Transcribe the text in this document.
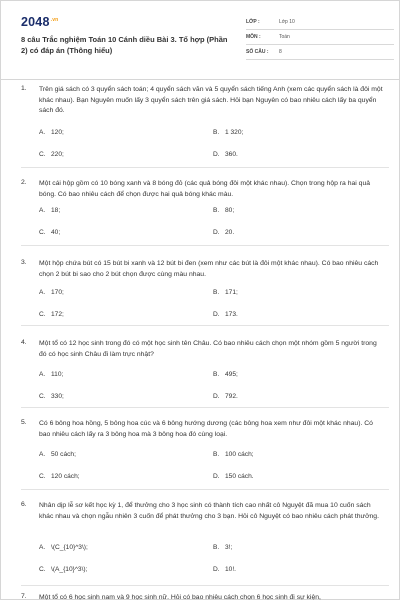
$2048^{.vn}$
8 câu Trắc nghiệm Toán 10 Cánh diều Bài 3. Tổ hợp (Phần 2) có đáp án (Thông hiểu)
LỚP :	Lớp 10
MÔN :	Toán
SỐ CÂU :	8
1. Trên giá sách có 3 quyển sách toán; 4 quyển sách văn và 5 quyển sách tiếng Anh (xem các quyển sách là đôi một khác nhau). Bạn Nguyên muốn lấy 3 quyển sách trên giá sách. Hỏi bạn Nguyên có bao nhiêu cách lấy ba quyển sách đó.
A. 120;	B. 1 320;
C. 220;	D. 360.
2. Một cái hộp gồm có 10 bóng xanh và 8 bóng đỏ (các quả bóng đôi một khác nhau). Chọn trong hộp ra hai quả bóng. Có bao nhiêu cách để chọn được hai quả bóng khác màu.
A. 18;	B. 80;
C. 40;	D. 20.
3. Một hộp chứa bút có 15 bút bi xanh và 12 bút bi đen (xem như các bút là đôi một khác nhau). Có bao nhiêu cách chọn 2 bút bi sao cho 2 bút chọn được cùng màu nhau.
A. 170;	B. 171;
C. 172;	D. 173.
4. Một tổ có 12 học sinh trong đó có một học sinh tên Châu. Có bao nhiêu cách chọn một nhóm gồm 5 người trong đó có học sinh Châu đi làm trực nhật?
A. 110;	B. 495;
C. 330;	D. 792.
5. Có 6 bông hoa hồng, 5 bông hoa cúc và 6 bông hướng dương (các bông hoa xem như đôi một khác nhau). Có bao nhiêu cách lấy ra 3 bông hoa mà 3 bông hoa đó cùng loại.
A. 50 cách;	B. 100 cách;
C. 120 cách;	D. 150 cách.
6. Nhân dịp lễ sơ kết học kỳ 1, để thưởng cho 3 học sinh có thành tích cao nhất cô Nguyệt đã mua 10 cuốn sách khác nhau và chọn ngẫu nhiên 3 cuốn để phát thưởng cho 3 bạn. Hỏi cô Nguyệt có bao nhiêu cách phát thưởng.
A. \(C_{10}^3\);	B. 3!;
C. \(A_{10}^3\);	D. 10!.
7. Một tổ có 6 học sinh nam và 9 học sinh nữ. Hỏi có bao nhiêu cách chọn 6 học sinh đi sự kiện,
